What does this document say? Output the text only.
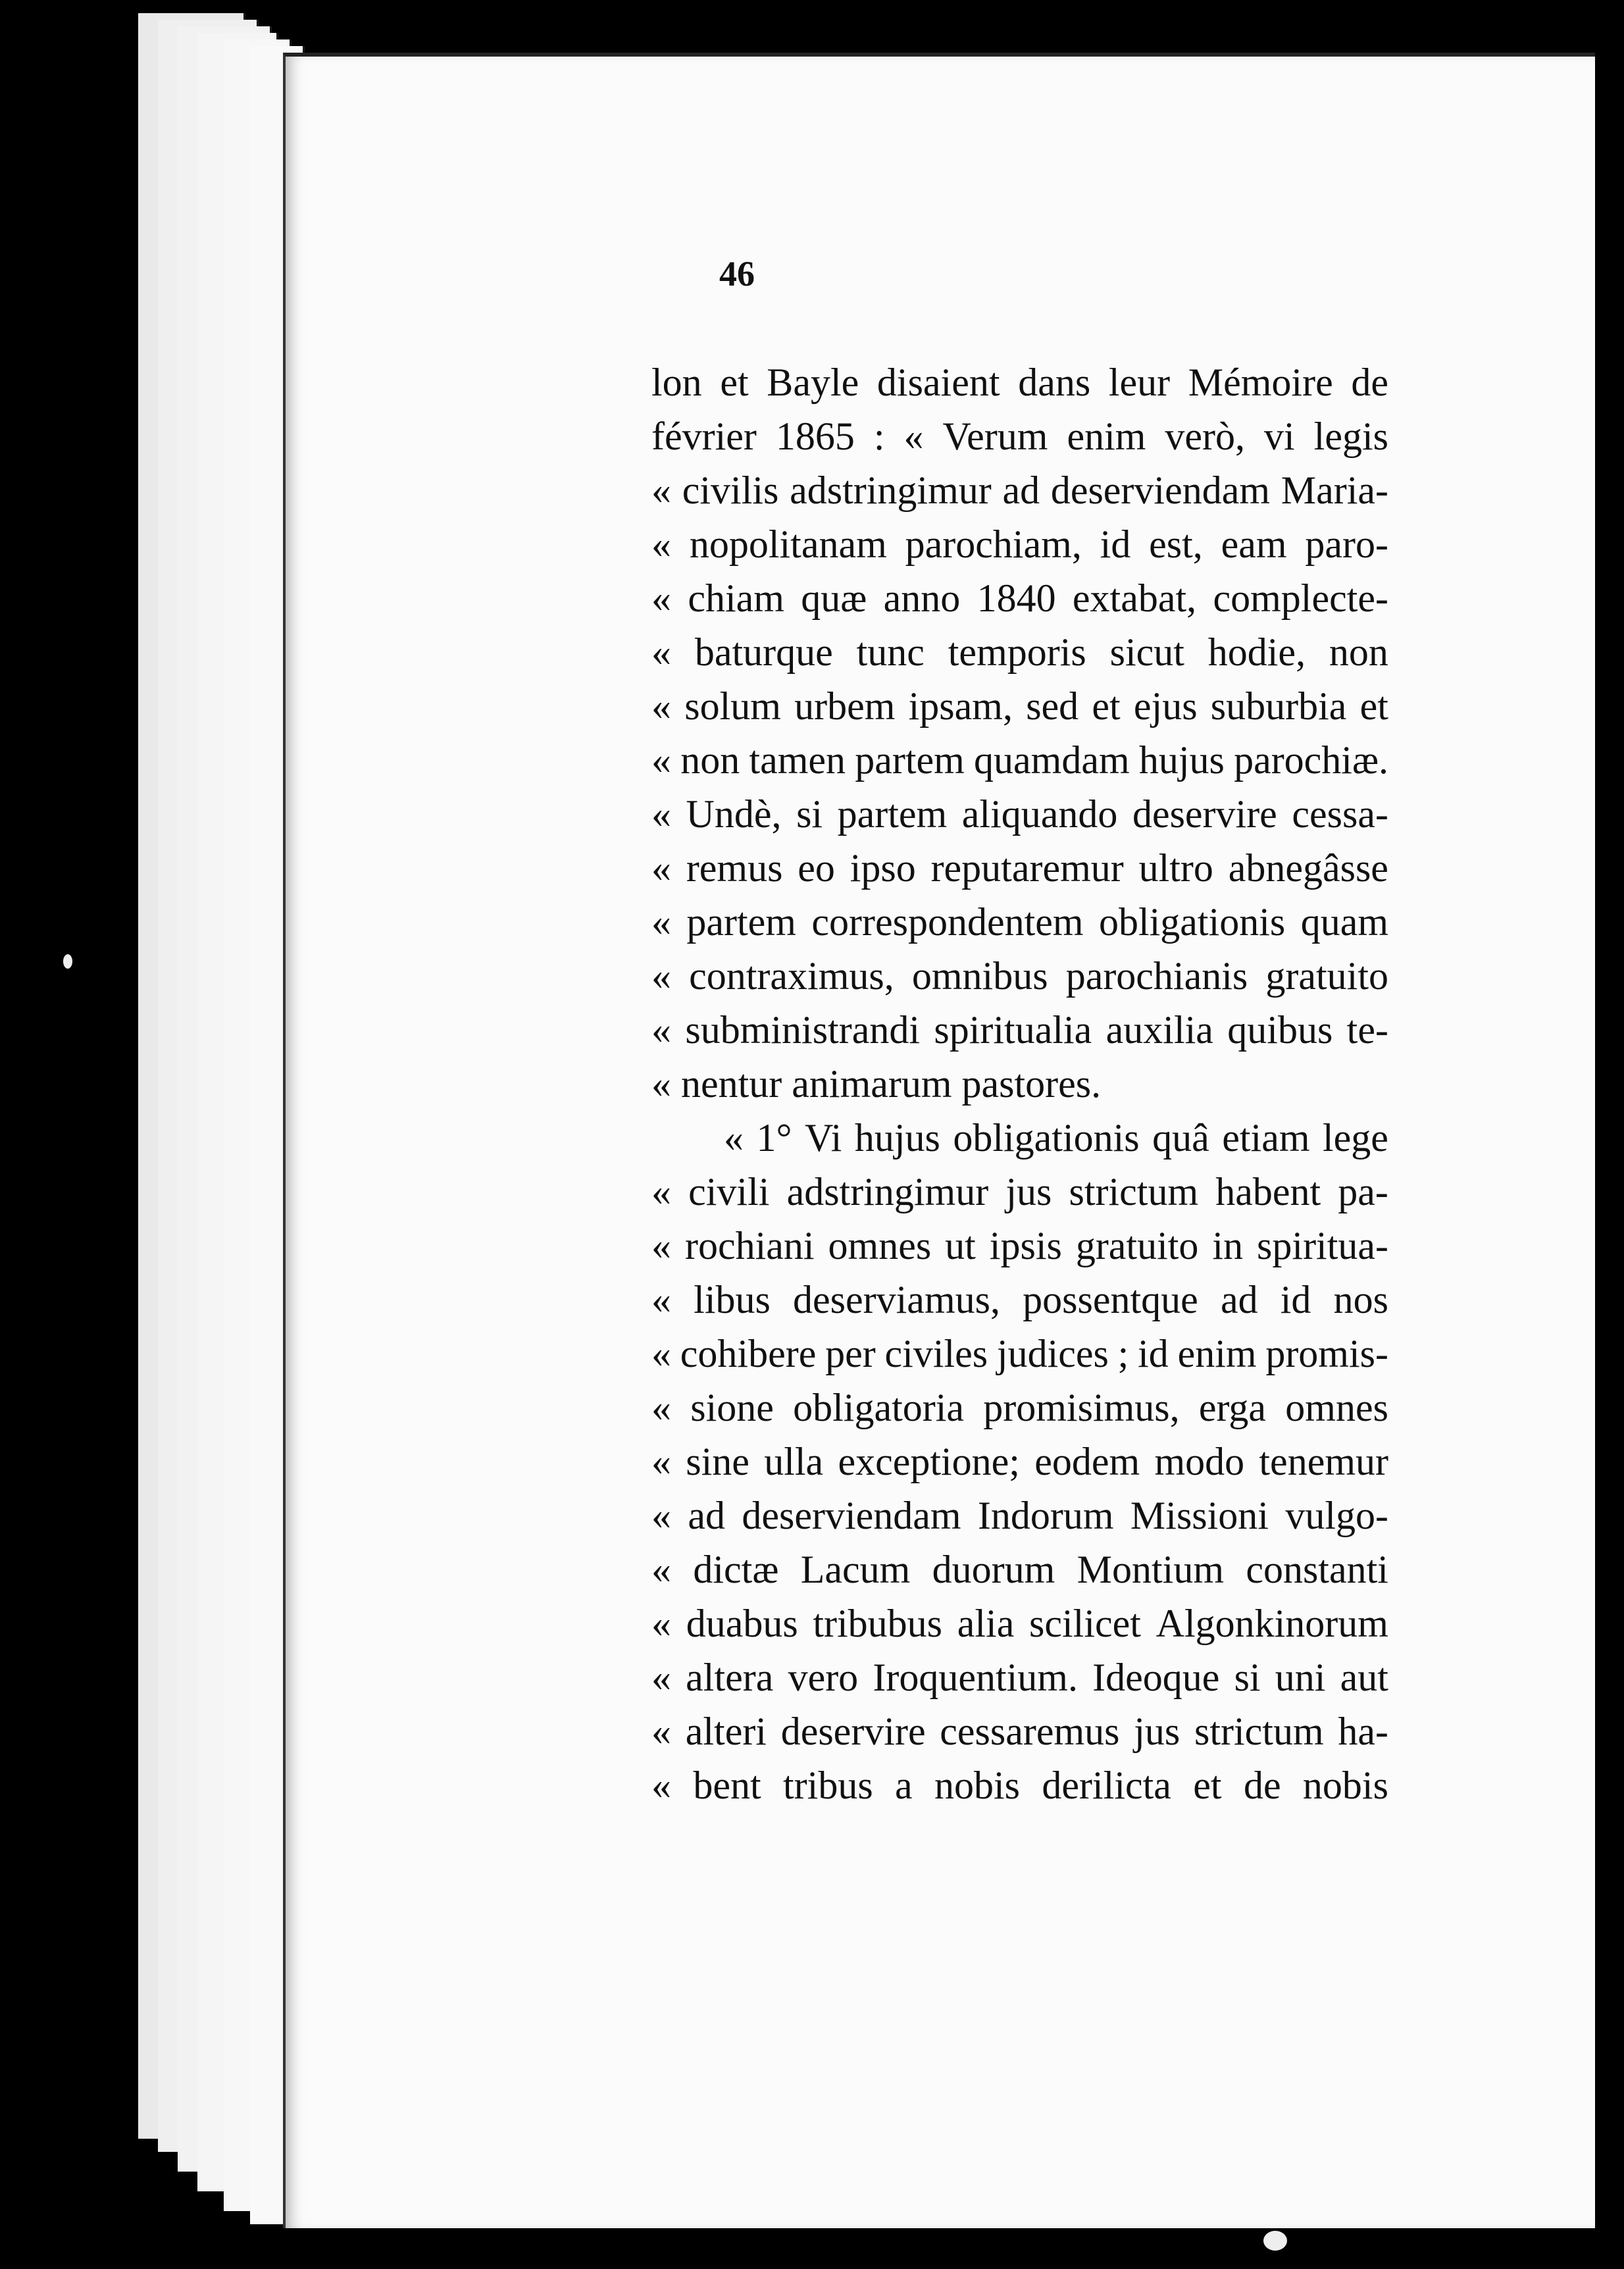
46
lon et Bayle disaient dans leur Mémoire de
février 1865 : « Verum enim verò, vi legis
« civilis adstringimur ad deserviendam Maria-
« nopolitanam parochiam, id est, eam paro-
« chiam quæ anno 1840 extabat, complecte-
« baturque tunc temporis sicut hodie, non
« solum urbem ipsam, sed et ejus suburbia et
« non tamen partem quamdam hujus parochiæ.
« Undè, si partem aliquando deservire cessa-
« remus eo ipso reputaremur ultro abnegâsse
« partem correspondentem obligationis quam
« contraximus, omnibus parochianis gratuito
« subministrandi spiritualia auxilia quibus te-
« nentur animarum pastores.
« 1° Vi hujus obligationis quâ etiam lege
« civili adstringimur jus strictum habent pa-
« rochiani omnes ut ipsis gratuito in spiritua-
« libus deserviamus, possentque ad id nos
« cohibere per civiles judices ; id enim promis-
« sione obligatoria promisimus, erga omnes
« sine ulla exceptione; eodem modo tenemur
« ad deserviendam Indorum Missioni vulgo-
« dictæ Lacum duorum Montium constanti
« duabus tribubus alia scilicet Algonkinorum
« altera vero Iroquentium. Ideoque si uni aut
« alteri deservire cessaremus jus strictum ha-
« bent tribus a nobis derilicta et de nobis
